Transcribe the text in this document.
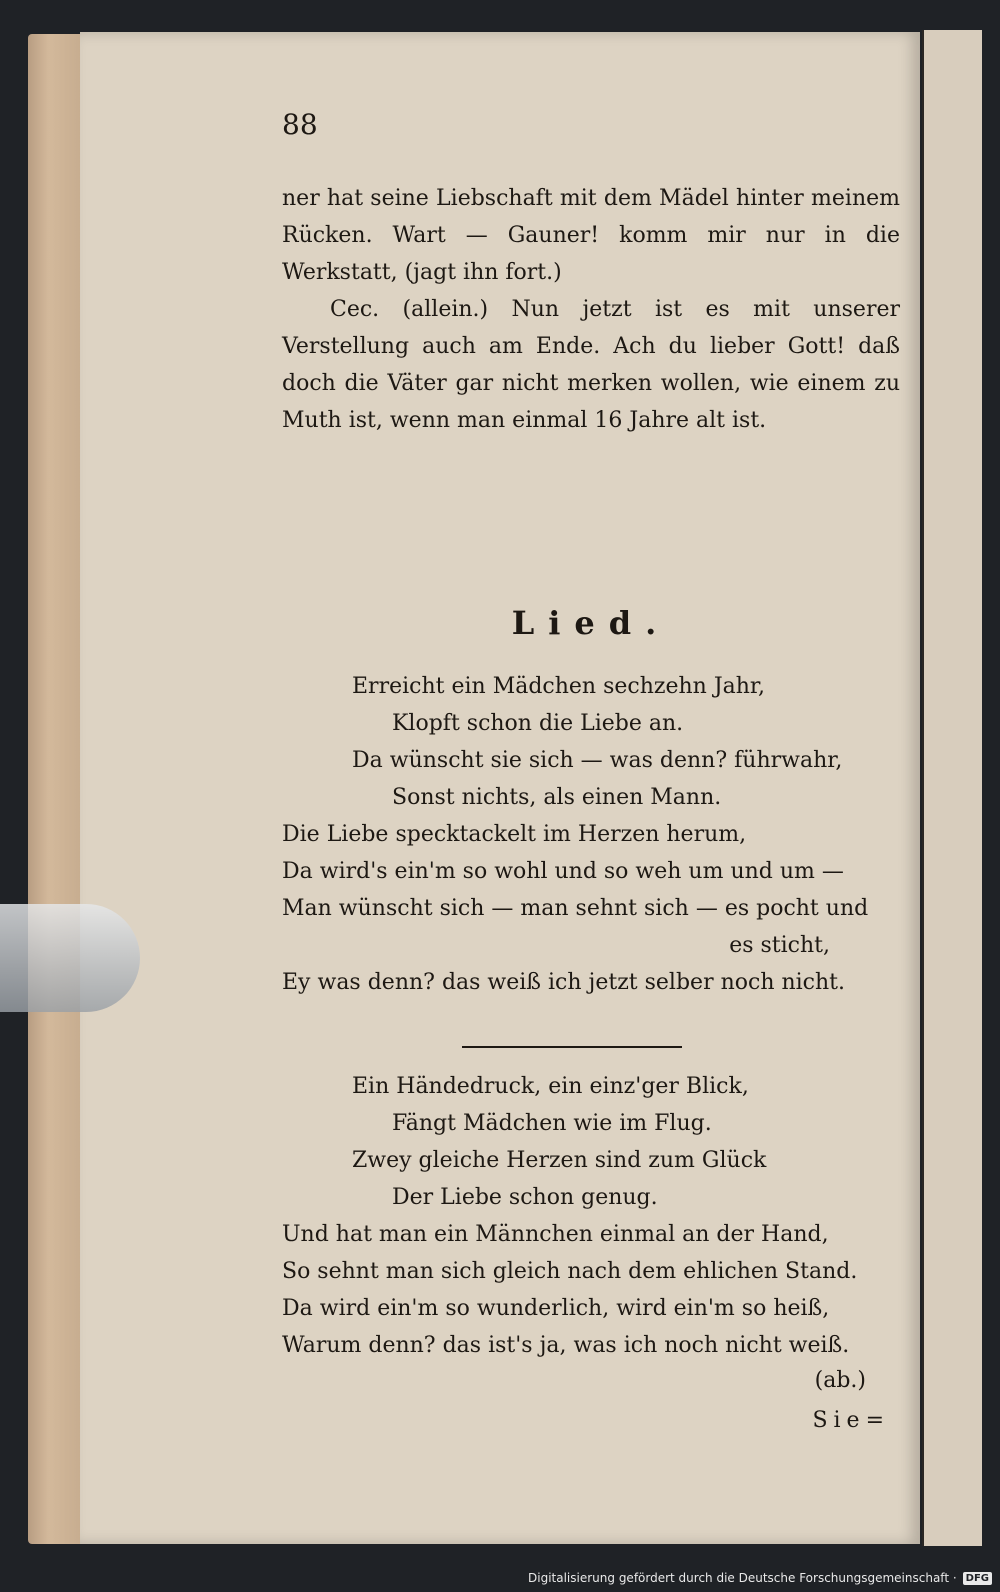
88

ner hat seine Liebschaft mit dem Mädel hinter meinem Rücken. Wart — Gauner! komm mir nur in die Werkstatt, (jagt ihn fort.)

Cec. (allein.) Nun jetzt ist es mit unserer Verstellung auch am Ende. Ach du lieber Gott! daß doch die Väter gar nicht merken wollen, wie einem zu Muth ist, wenn man einmal 16 Jahre alt ist.

Lied.
Erreicht ein Mädchen sechzehn Jahr,
Klopft schon die Liebe an.
Da wünscht sie sich — was denn? führwahr,
Sonst nichts, als einen Mann.
Die Liebe specktackelt im Herzen herum,
Da wird's ein'm so wohl und so weh um und um —
Man wünscht sich — man sehnt sich — es pocht und
es sticht,
Ey was denn? das weiß ich jetzt selber noch nicht.
Ein Händedruck, ein einz'ger Blick,
Fängt Mädchen wie im Flug.
Zwey gleiche Herzen sind zum Glück
Der Liebe schon genug.
Und hat man ein Männchen einmal an der Hand,
So sehnt man sich gleich nach dem ehlichen Stand.
Da wird ein'm so wunderlich, wird ein'm so heiß,
Warum denn? das ist's ja, was ich noch nicht weiß.
(ab.)
Sie=
Digitalisierung gefördert durch die Deutsche Forschungsgemeinschaft · DFG
